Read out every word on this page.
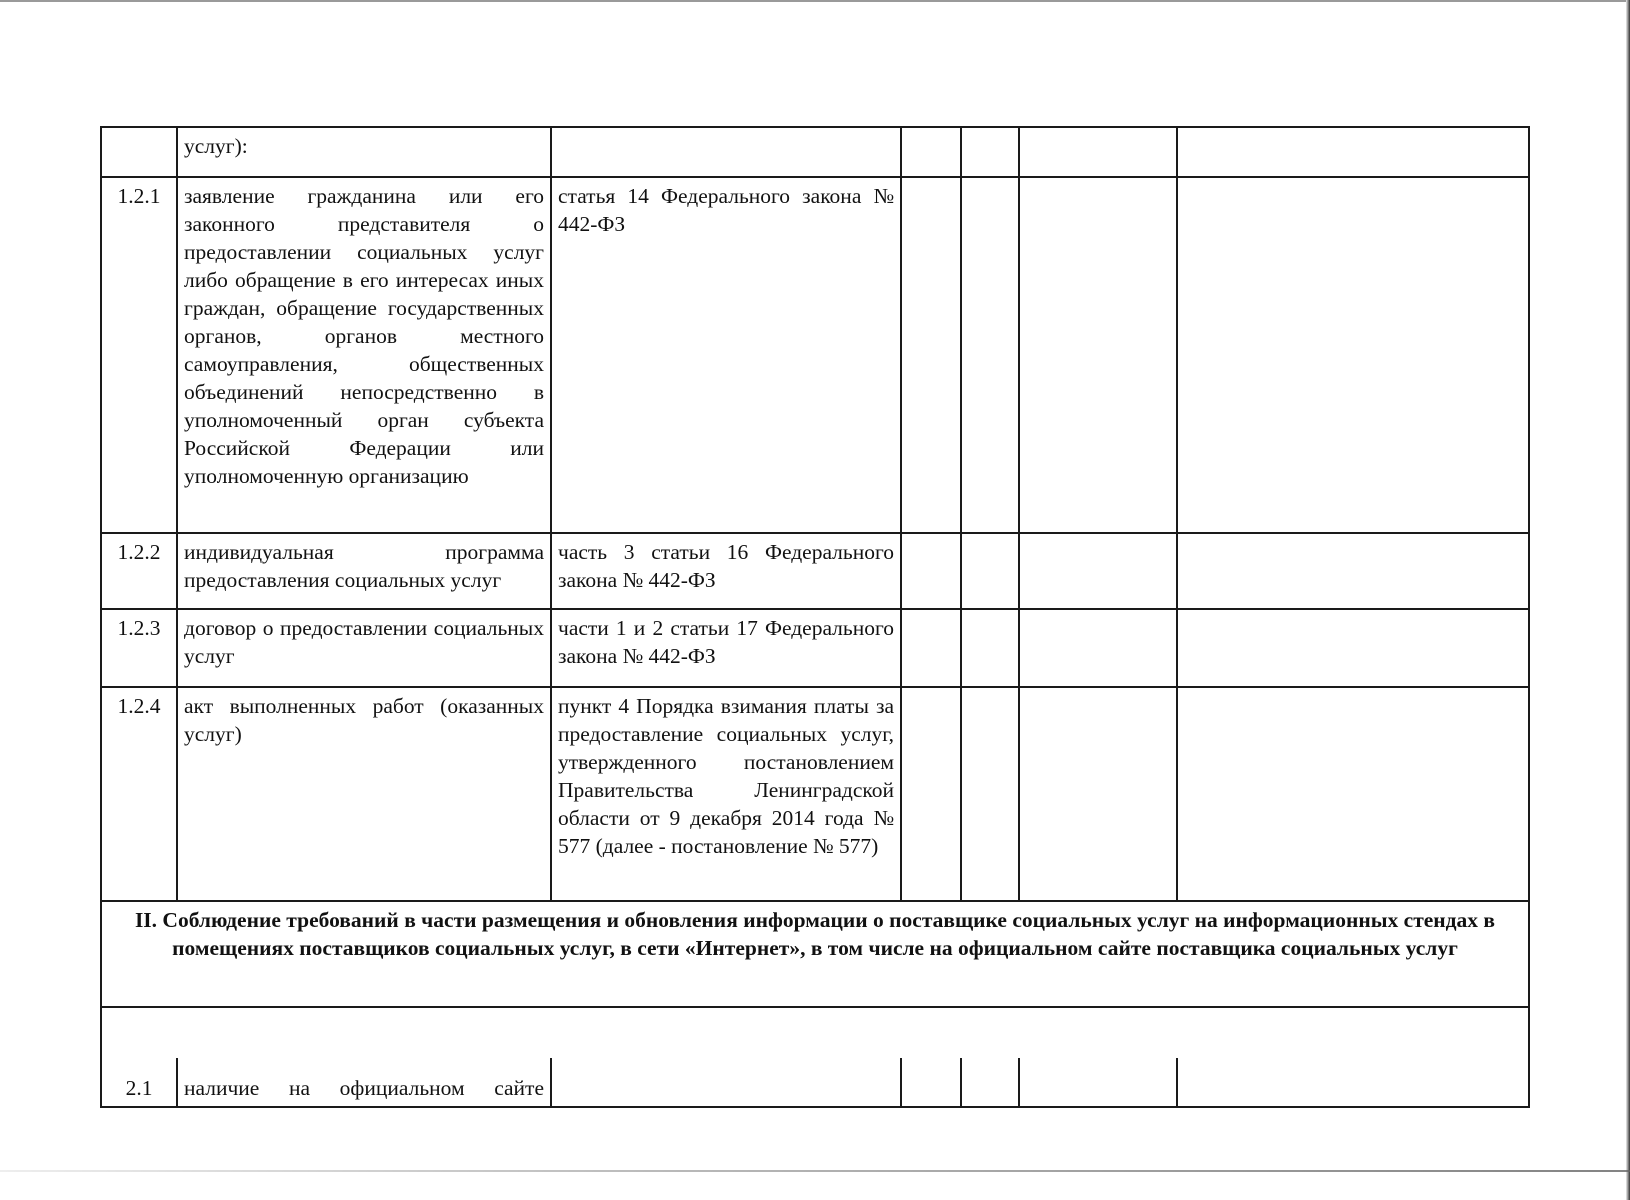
	услуг):					
1.2.1	заявление гражданина или его законного представителя о предоставлении социальных услуг либо обращение в его интересах иных граждан, обращение государственных органов, органов местного самоуправления, общественных объединений непосредственно в уполномоченный орган субъекта Российской Федерации или уполномоченную организацию	статья 14 Федерального закона № 442-ФЗ				
1.2.2	индивидуальная программа предоставления социальных услуг	часть 3 статьи 16 Федерального закона № 442-ФЗ				
1.2.3	договор о предоставлении социальных услуг	части 1 и 2 статьи 17 Федерального закона № 442-ФЗ				
1.2.4	акт выполненных работ (оказанных услуг)	пункт 4 Порядка взимания платы за предоставление социальных услуг, утвержденного постановлением Правительства Ленинградской области от 9 декабря 2014 года № 577 (далее - постановление № 577)				
II. Соблюдение требований в части размещения и обновления информации о поставщике социальных услуг на информационных стендах в помещениях поставщиков социальных услуг, в сети «Интернет», в том числе на официальном сайте поставщика социальных услуг						

2.1	наличие на официальном сайте					
